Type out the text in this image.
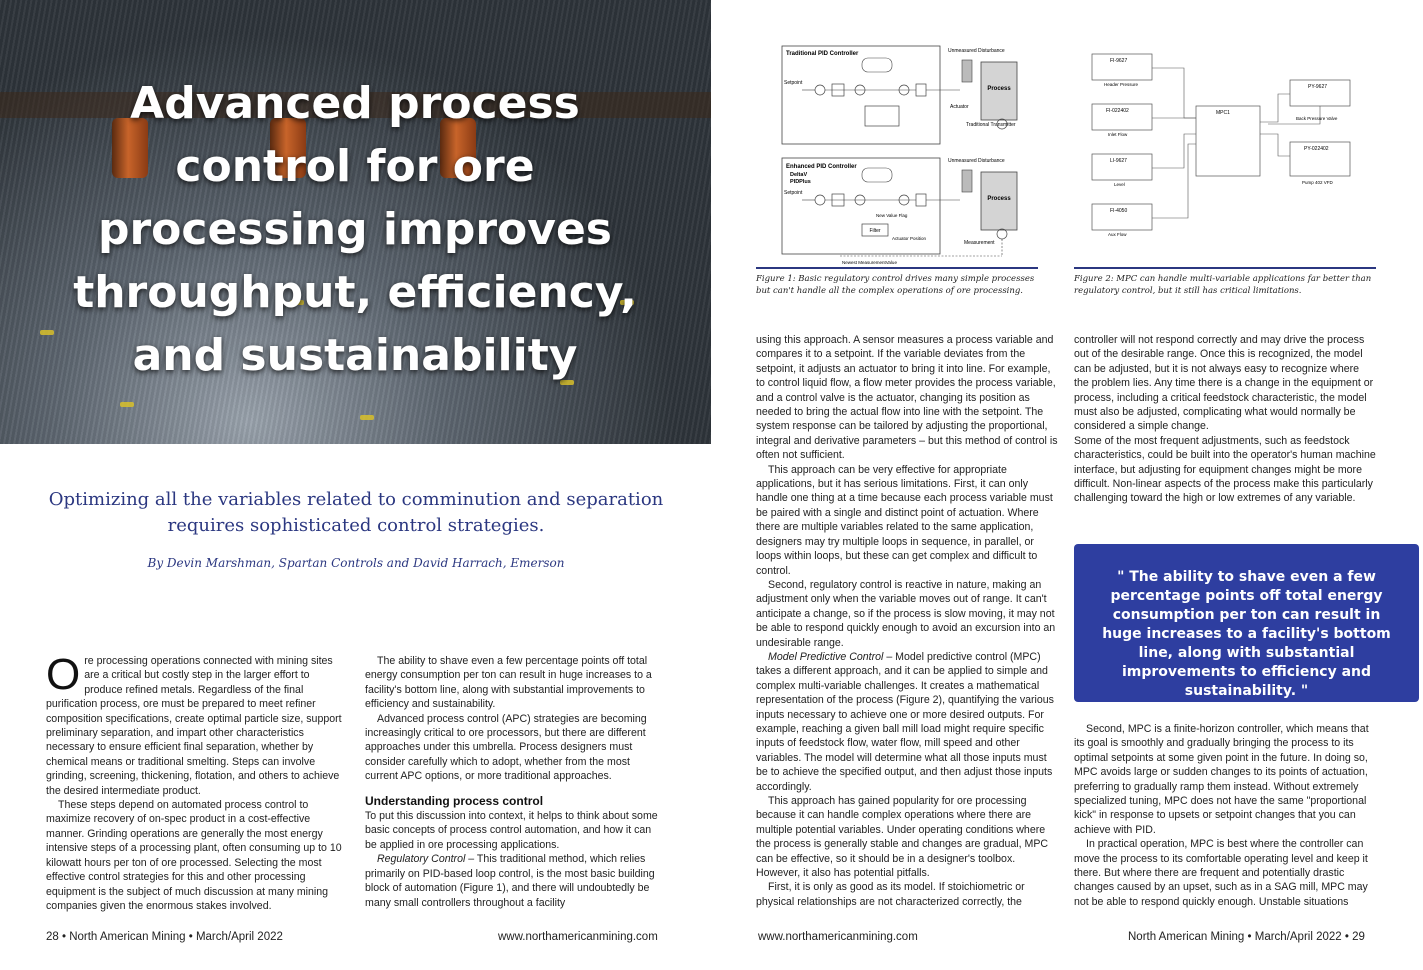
Advanced process control for ore processing improves throughput, efficiency, and sustainability
Optimizing all the variables related to comminution and separation requires sophisticated control strategies.
By Devin Marshman, Spartan Controls and David Harrach, Emerson

Ore processing operations connected with mining sites are a critical but costly step in the larger effort to produce refined metals. Regardless of the final purification process, ore must be prepared to meet refiner composition specifications, create optimal particle size, support preliminary separation, and impart other characteristics necessary to ensure efficient final separation, whether by chemical means or traditional smelting. Steps can involve grinding, screening, thickening, flotation, and others to achieve the desired intermediate product.

These steps depend on automated process control to maximize recovery of on-spec product in a cost-effective manner. Grinding operations are generally the most energy intensive steps of a processing plant, often consuming up to 10 kilowatt hours per ton of ore processed. Selecting the most effective control strategies for this and other processing equipment is the subject of much discussion at many mining companies given the enormous stakes involved.

The ability to shave even a few percentage points off total energy consumption per ton can result in huge increases to a facility's bottom line, along with substantial improvements to efficiency and sustainability.

Advanced process control (APC) strategies are becoming increasingly critical to ore processors, but there are different approaches under this umbrella. Process designers must consider carefully which to adopt, whether from the most current APC options, or more traditional approaches.

Understanding process control

To put this discussion into context, it helps to think about some basic concepts of process control automation, and how it can be applied in ore processing applications.

Regulatory Control – This traditional method, which relies primarily on PID-based loop control, is the most basic building block of automation (Figure 1), and there will undoubtedly be many small controllers throughout a facility

28 • North American Mining • March/April 2022	www.northamericanmining.com
Traditional PID Controller
Setpoint
Process
Unmeasured Disturbance
Actuator
Traditional Transmitter
Enhanced PID Controller
DeltaV
PIDPlus
Setpoint
Filter
New Value Flag
Actuator Position
Process
Unmeasured Disturbance
Measurement
Newest MeasurementValue
Figure 1: Basic regulatory control drives many simple processes but can't handle all the complex operations of ore processing.
FI-9627
Header Pressure
FI-022402
Inlet Flow
LI-9627
Level
FI-4050
Aux Flow
MPC1
PY-9627
Back Pressure Valve
PY-022402
Pump 402 VFD
Figure 2: MPC can handle multi-variable applications far better than regulatory control, but it still has critical limitations.

using this approach. A sensor measures a process variable and compares it to a setpoint. If the variable deviates from the setpoint, it adjusts an actuator to bring it into line. For example, to control liquid flow, a flow meter provides the process variable, and a control valve is the actuator, changing its position as needed to bring the actual flow into line with the setpoint. The system response can be tailored by adjusting the proportional, integral and derivative parameters – but this method of control is often not sufficient.

This approach can be very effective for appropriate applications, but it has serious limitations. First, it can only handle one thing at a time because each process variable must be paired with a single and distinct point of actuation. Where there are multiple variables related to the same application, designers may try multiple loops in sequence, in parallel, or loops within loops, but these can get complex and difficult to control.

Second, regulatory control is reactive in nature, making an adjustment only when the variable moves out of range. It can't anticipate a change, so if the process is slow moving, it may not be able to respond quickly enough to avoid an excursion into an undesirable range.

Model Predictive Control – Model predictive control (MPC) takes a different approach, and it can be applied to simple and complex multi-variable challenges. It creates a mathematical representation of the process (Figure 2), quantifying the various inputs necessary to achieve one or more desired outputs. For example, reaching a given ball mill load might require specific inputs of feedstock flow, water flow, mill speed and other variables. The model will determine what all those inputs must be to achieve the specified output, and then adjust those inputs accordingly.

This approach has gained popularity for ore processing because it can handle complex operations where there are multiple potential variables. Under operating conditions where the process is generally stable and changes are gradual, MPC can be effective, so it should be in a designer's toolbox. However, it also has potential pitfalls.

First, it is only as good as its model. If stoichiometric or physical relationships are not characterized correctly, the

controller will not respond correctly and may drive the process out of the desirable range. Once this is recognized, the model can be adjusted, but it is not always easy to recognize where the problem lies. Any time there is a change in the equipment or process, including a critical feedstock characteristic, the model must also be adjusted, complicating what would normally be considered a simple change.

Some of the most frequent adjustments, such as feedstock characteristics, could be built into the operator's human machine interface, but adjusting for equipment changes might be more difficult. Non-linear aspects of the process make this particularly challenging toward the high or low extremes of any variable.

" The ability to shave even a few percentage points off total energy consumption per ton can result in huge increases to a facility's bottom line, along with substantial improvements to efficiency and sustainability. "

Second, MPC is a finite-horizon controller, which means that its goal is smoothly and gradually bringing the process to its optimal setpoints at some given point in the future. In doing so, MPC avoids large or sudden changes to its points of actuation, preferring to gradually ramp them instead. Without extremely specialized tuning, MPC does not have the same "proportional kick" in response to upsets or setpoint changes that you can achieve with PID.

In practical operation, MPC is best where the controller can move the process to its comfortable operating level and keep it there. But where there are frequent and potentially drastic changes caused by an upset, such as in a SAG mill, MPC may not be able to respond quickly enough. Unstable situations

www.northamericanmining.com	North American Mining • March/April 2022 • 29
